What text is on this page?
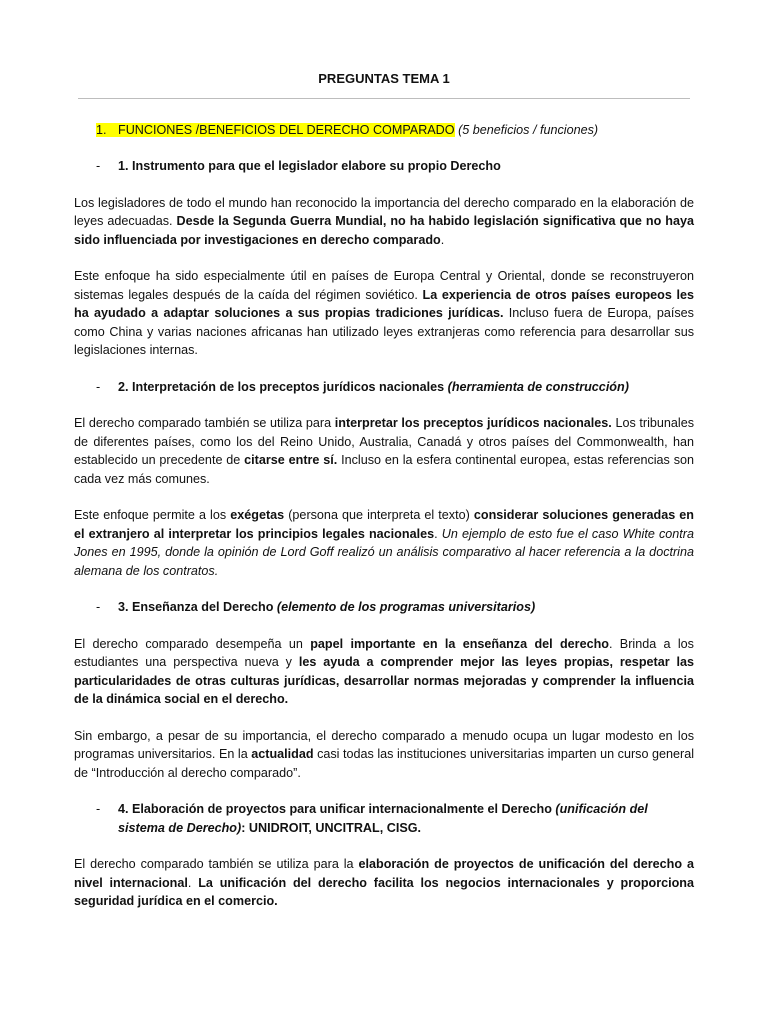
PREGUNTAS TEMA 1
1. FUNCIONES /BENEFICIOS DEL DERECHO COMPARADO (5 beneficios / funciones)
- 1. Instrumento para que el legislador elabore su propio Derecho

Los legisladores de todo el mundo han reconocido la importancia del derecho comparado en la elaboración de leyes adecuadas. Desde la Segunda Guerra Mundial, no ha habido legislación significativa que no haya sido influenciada por investigaciones en derecho comparado.

Este enfoque ha sido especialmente útil en países de Europa Central y Oriental, donde se reconstruyeron sistemas legales después de la caída del régimen soviético. La experiencia de otros países europeos les ha ayudado a adaptar soluciones a sus propias tradiciones jurídicas. Incluso fuera de Europa, países como China y varias naciones africanas han utilizado leyes extranjeras como referencia para desarrollar sus legislaciones internas.

- 2. Interpretación de los preceptos jurídicos nacionales (herramienta de construcción)

El derecho comparado también se utiliza para interpretar los preceptos jurídicos nacionales. Los tribunales de diferentes países, como los del Reino Unido, Australia, Canadá y otros países del Commonwealth, han establecido un precedente de citarse entre sí. Incluso en la esfera continental europea, estas referencias son cada vez más comunes.

Este enfoque permite a los exégetas (persona que interpreta el texto) considerar soluciones generadas en el extranjero al interpretar los principios legales nacionales. Un ejemplo de esto fue el caso White contra Jones en 1995, donde la opinión de Lord Goff realizó un análisis comparativo al hacer referencia a la doctrina alemana de los contratos.

- 3. Enseñanza del Derecho (elemento de los programas universitarios)

El derecho comparado desempeña un papel importante en la enseñanza del derecho. Brinda a los estudiantes una perspectiva nueva y les ayuda a comprender mejor las leyes propias, respetar las particularidades de otras culturas jurídicas, desarrollar normas mejoradas y comprender la influencia de la dinámica social en el derecho.

Sin embargo, a pesar de su importancia, el derecho comparado a menudo ocupa un lugar modesto en los programas universitarios. En la actualidad casi todas las instituciones universitarias imparten un curso general de “Introducción al derecho comparado”.

- 4. Elaboración de proyectos para unificar internacionalmente el Derecho (unificación del sistema de Derecho): UNIDROIT, UNCITRAL, CISG.

El derecho comparado también se utiliza para la elaboración de proyectos de unificación del derecho a nivel internacional. La unificación del derecho facilita los negocios internacionales y proporciona seguridad jurídica en el comercio.
